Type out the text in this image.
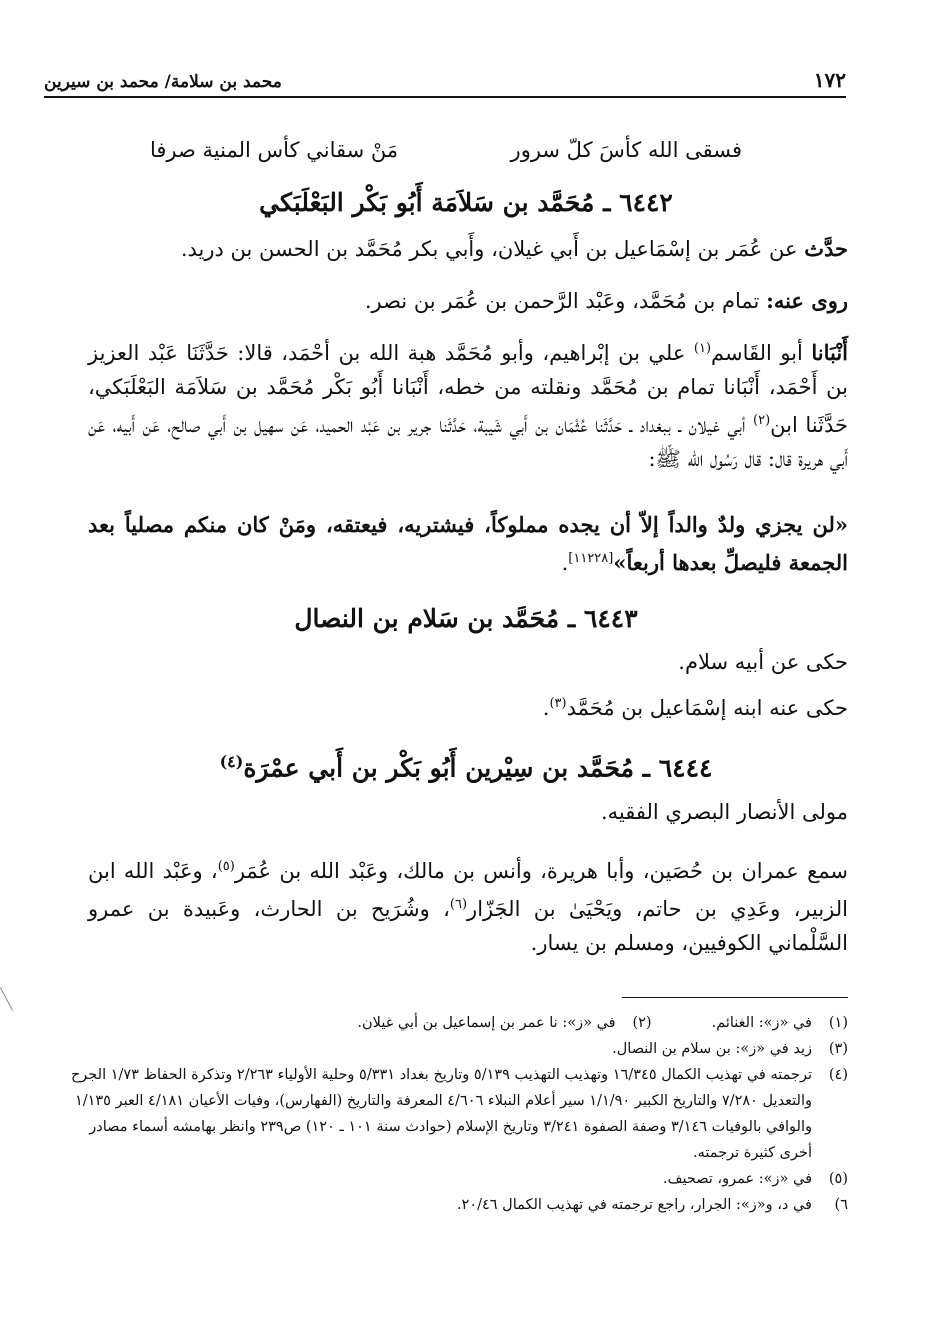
١٧٢
محمد بن سلامة/ محمد بن سيرين
فسقى الله كأسَ كلّ سرور
مَنْ سقاني كأس المنية صرفا
٦٤٤٢ ـ مُحَمَّد بن سَلاَمَة أَبُو بَكْر البَعْلَبَكي
حدَّث عن عُمَر بن إسْمَاعيل بن أَبي غيلان، وأَبي بكر مُحَمَّد بن الحسن بن دريد.
روى عنه: تمام بن مُحَمَّد، وعَبْد الرَّحمن بن عُمَر بن نصر.
أَنْبَانا أبو القَاسم$^{(١)}$ علي بن إبْراهيم، وأبو مُحَمَّد هبة الله بن أحْمَد، قالا: حَدَّثَنَا عَبْد العزيز بن أَحْمَد، أَنْبَانا تمام بن مُحَمَّد ونقلته من خطه، أَنْبَانا أَبُو بَكْر مُحَمَّد بن سَلاَمَة البَعْلَبَكي، حَدَّثَنا ابن$^{(٢)}$ أبي غيلان ـ ببغداد ـ حَدَّثَنا عُثْمَان بن أَبي شَيبة، حَدَّثَنا جرير بن عَبْد الحميد، عَن سهيل بن أَبي صالح، عَن أَبيه، عَن أَبي هريرة قال: قال رَسُول الله ﷺ:
«لن يجزي ولدٌ والداً إلاّ أن يجده مملوكاً، فيشتريه، فيعتقه، ومَنْ كان منكم مصلياً بعد الجمعة فليصلِّ بعدها أربعاً»[١١٢٢٨].
٦٤٤٣ ـ مُحَمَّد بن سَلام بن النصال
حكى عن أبيه سلام.
حكى عنه ابنه إسْمَاعيل بن مُحَمَّد$^{(٣)}$.
٦٤٤٤ ـ مُحَمَّد بن سِيْرين أَبُو بَكْر بن أَبي عمْرَة$^{(٤)}$
مولى الأنصار البصري الفقيه.
سمع عمران بن حُصَين، وأبا هريرة، وأنس بن مالك، وعَبْد الله بن عُمَر$^{(٥)}$، وعَبْد الله ابن الزبير، وعَدِي بن حاتم، ويَحْيَىٰ بن الجَزّار$^{(٦)}$، وشُرَيح بن الحارث، وعَبيدة بن عمرو السَّلْماني الكوفيين، ومسلم بن يسار.
(١)
في «ز»: الغنائم.
(٢)
في «ز»: نا عمر بن إسماعيل بن أبي غيلان.
(٣)
زيد في «ز»: بن سلام بن النصال.
(٤)
ترجمته في تهذيب الكمال ١٦/٣٤٥ وتهذيب التهذيب ٥/١٣٩ وتاريخ بغداد ٥/٣٣١ وحلية الأولياء ٢/٢٦٣ وتذكرة الحفاظ ١/٧٣ الجرح والتعديل ٧/٢٨٠ والتاريخ الكبير ١/١/٩٠ سير أعلام النبلاء ٤/٦٠٦ المعرفة والتاريخ (الفهارس)، وفيات الأعيان ٤/١٨١ العبر ١/١٣٥ والوافي بالوفيات ٣/١٤٦ وصفة الصفوة ٣/٢٤١ وتاريخ الإسلام (حوادث سنة ١٠١ ـ ١٢٠) ص٢٣٩ وانظر بهامشه أسماء مصادر أخرى كثيرة ترجمته.
(٥)
في «ز»: عمرو، تصحيف.
٦)
في د، و«ز»: الجرار، راجع ترجمته في تهذيب الكمال ٢٠/٤٦.
